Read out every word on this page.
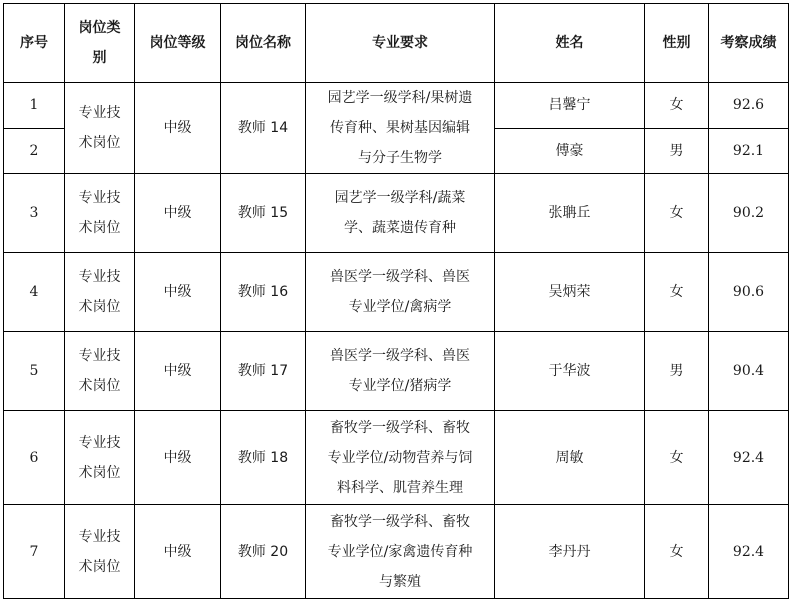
序号	岗位类别	岗位等级	岗位名称	专业要求	姓名	性别	考察成绩
1	专业技术岗位	中级	教师 14	园艺学一级学科/果树遗传育种、果树基因编辑与分子生物学	吕馨宁	女	92.6
2					傅豪	男	92.1
3	专业技术岗位	中级	教师 15	园艺学一级学科/蔬菜学、蔬菜遗传育种	张聃丘	女	90.2
4	专业技术岗位	中级	教师 16	兽医学一级学科、兽医专业学位/禽病学	吴炳荣	女	90.6
5	专业技术岗位	中级	教师 17	兽医学一级学科、兽医专业学位/猪病学	于华波	男	90.4
6	专业技术岗位	中级	教师 18	畜牧学一级学科、畜牧专业学位/动物营养与饲料科学、肌营养生理	周敏	女	92.4
7	专业技术岗位	中级	教师 20	畜牧学一级学科、畜牧专业学位/家禽遗传育种与繁殖	李丹丹	女	92.4
